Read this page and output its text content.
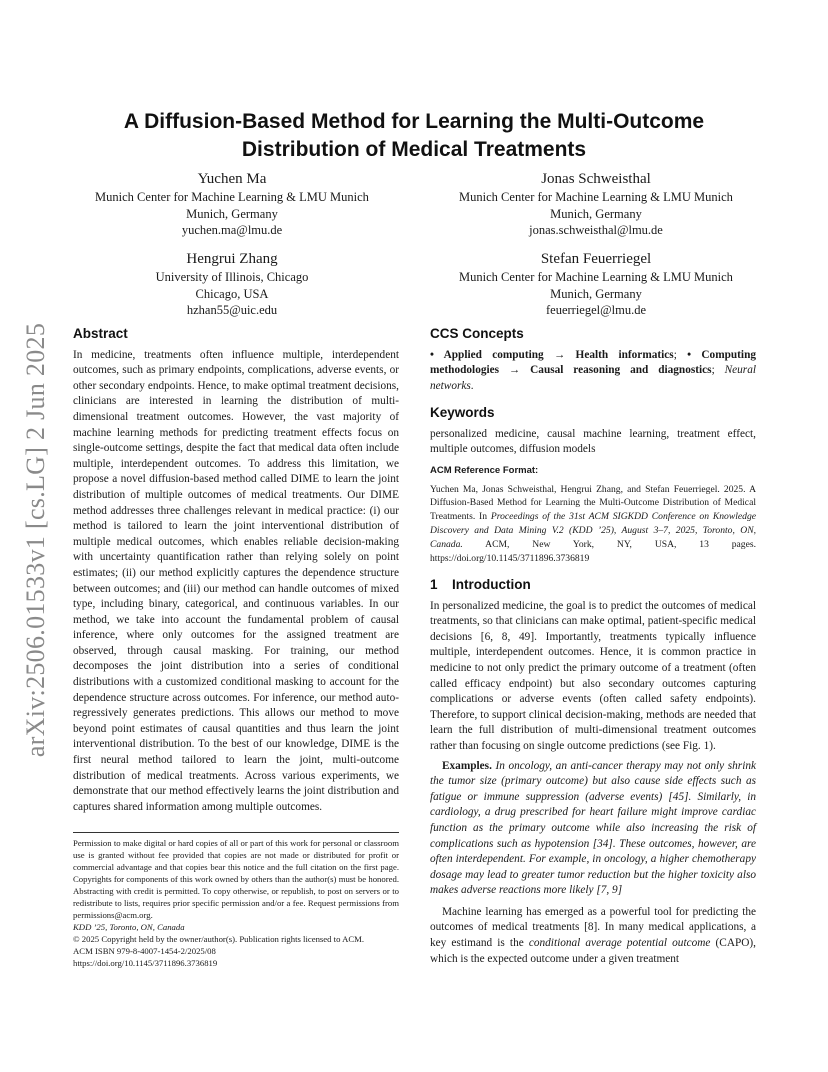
arXiv:2506.01533v1 [cs.LG] 2 Jun 2025
A Diffusion-Based Method for Learning the Multi-Outcome
Distribution of Medical Treatments
Yuchen Ma
Munich Center for Machine Learning & LMU Munich
Munich, Germany
yuchen.ma@lmu.de
Jonas Schweisthal
Munich Center for Machine Learning & LMU Munich
Munich, Germany
jonas.schweisthal@lmu.de
Hengrui Zhang
University of Illinois, Chicago
Chicago, USA
hzhan55@uic.edu
Stefan Feuerriegel
Munich Center for Machine Learning & LMU Munich
Munich, Germany
feuerriegel@lmu.de
Abstract

In medicine, treatments often influence multiple, interdependent outcomes, such as primary endpoints, complications, adverse events, or other secondary endpoints. Hence, to make optimal treatment decisions, clinicians are interested in learning the distribution of multi-dimensional treatment outcomes. However, the vast majority of machine learning methods for predicting treatment effects focus on single-outcome settings, despite the fact that medical data often include multiple, interdependent outcomes. To address this limitation, we propose a novel diffusion-based method called DIME to learn the joint distribution of multiple outcomes of medical treatments. Our DIME method addresses three challenges relevant in medical practice: (i) our method is tailored to learn the joint interventional distribution of multiple medical outcomes, which enables reliable decision-making with uncertainty quantification rather than relying solely on point estimates; (ii) our method explicitly captures the dependence structure between outcomes; and (iii) our method can handle outcomes of mixed type, including binary, categorical, and continuous variables. In our method, we take into account the fundamental problem of causal inference, where only outcomes for the assigned treatment are observed, through causal masking. For training, our method decomposes the joint distribution into a series of conditional distributions with a customized conditional masking to account for the dependence structure across outcomes. For inference, our method auto-regressively generates predictions. This allows our method to move beyond point estimates of causal quantities and thus learn the joint interventional distribution. To the best of our knowledge, DIME is the first neural method tailored to learn the joint, multi-outcome distribution of medical treatments. Across various experiments, we demonstrate that our method effectively learns the joint distribution and captures shared information among multiple outcomes.

Permission to make digital or hard copies of all or part of this work for personal or classroom use is granted without fee provided that copies are not made or distributed for profit or commercial advantage and that copies bear this notice and the full citation on the first page. Copyrights for components of this work owned by others than the author(s) must be honored. Abstracting with credit is permitted. To copy otherwise, or republish, to post on servers or to redistribute to lists, requires prior specific permission and/or a fee. Request permissions from permissions@acm.org.

KDD ’25, Toronto, ON, Canada

© 2025 Copyright held by the owner/author(s). Publication rights licensed to ACM.

ACM ISBN 979-8-4007-1454-2/2025/08

https://doi.org/10.1145/3711896.3736819

CCS Concepts

• Applied computing → Health informatics; • Computing methodologies → Causal reasoning and diagnostics; Neural networks.

Keywords

personalized medicine, causal machine learning, treatment effect, multiple outcomes, diffusion models

ACM Reference Format:

Yuchen Ma, Jonas Schweisthal, Hengrui Zhang, and Stefan Feuerriegel. 2025. A Diffusion-Based Method for Learning the Multi-Outcome Distribution of Medical Treatments. In Proceedings of the 31st ACM SIGKDD Conference on Knowledge Discovery and Data Mining V.2 (KDD ’25), August 3–7, 2025, Toronto, ON, Canada. ACM, New York, NY, USA, 13 pages. https://doi.org/10.1145/3711896.3736819

1 Introduction

In personalized medicine, the goal is to predict the outcomes of medical treatments, so that clinicians can make optimal, patient-specific medical decisions [6, 8, 49]. Importantly, treatments typically influence multiple, interdependent outcomes. Hence, it is common practice in medicine to not only predict the primary outcome of a treatment (often called efficacy endpoint) but also secondary outcomes capturing complications or adverse events (often called safety endpoints). Therefore, to support clinical decision-making, methods are needed that learn the full distribution of multi-dimensional treatment outcomes rather than focusing on single outcome predictions (see Fig. 1).

Examples. In oncology, an anti-cancer therapy may not only shrink the tumor size (primary outcome) but also cause side effects such as fatigue or immune suppression (adverse events) [45]. Similarly, in cardiology, a drug prescribed for heart failure might improve cardiac function as the primary outcome while also increasing the risk of complications such as hypotension [34]. These outcomes, however, are often interdependent. For example, in oncology, a higher chemotherapy dosage may lead to greater tumor reduction but the higher toxicity also makes adverse reactions more likely [7, 9]

Machine learning has emerged as a powerful tool for predicting the outcomes of medical treatments [8]. In many medical applications, a key estimand is the conditional average potential outcome (CAPO), which is the expected outcome under a given treatment
